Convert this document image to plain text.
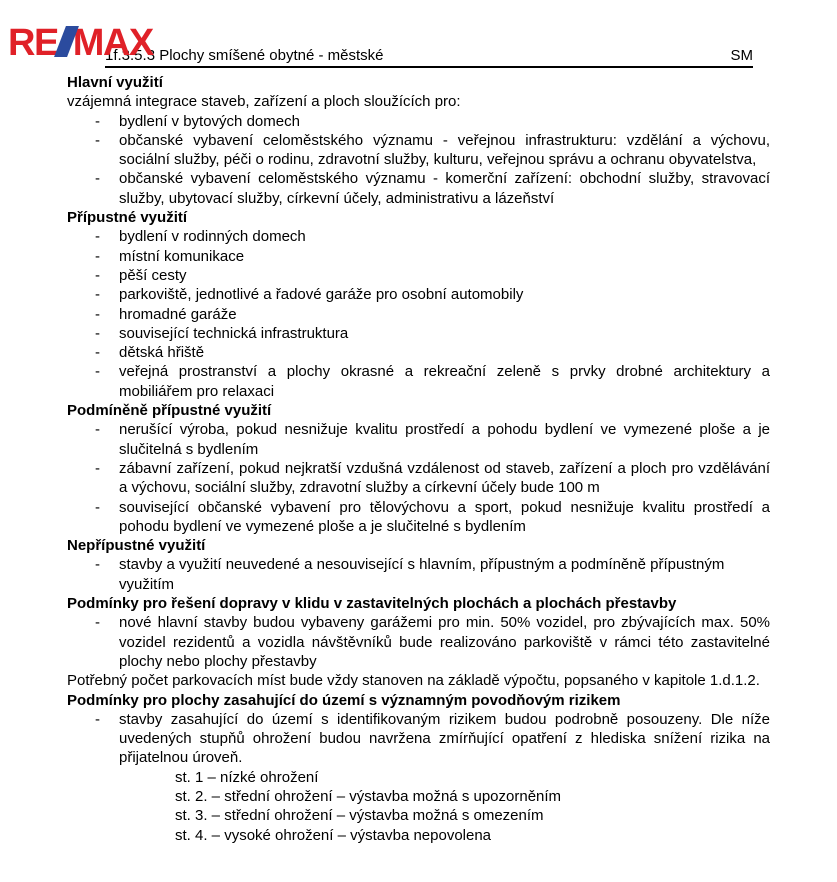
RE MAX
1f.3.5.3 Plochy smíšené obytné - městské	SM
Hlavní využití
vzájemná integrace staveb, zařízení a ploch sloužících pro:
- bydlení v bytových domech
- občanské vybavení celoměstského významu - veřejnou infrastrukturu: vzdělání a výchovu, sociální služby, péči o rodinu, zdravotní služby, kulturu, veřejnou správu a ochranu obyvatelstva,
- občanské vybavení celoměstského významu - komerční zařízení: obchodní služby, stravovací služby, ubytovací služby, církevní účely, administrativu a lázeňství
Přípustné využití
- bydlení v rodinných domech
- místní komunikace
- pěší cesty
- parkoviště, jednotlivé a řadové garáže pro osobní automobily
- hromadné garáže
- související technická infrastruktura
- dětská hřiště
- veřejná prostranství a plochy okrasné a rekreační zeleně s prvky drobné architektury a mobiliářem pro relaxaci
Podmíněně přípustné využití
- nerušící výroba, pokud nesnižuje kvalitu prostředí a pohodu bydlení ve vymezené ploše a je slučitelná s bydlením
- zábavní zařízení, pokud nejkratší vzdušná vzdálenost od staveb, zařízení a ploch pro vzdělávání a výchovu, sociální služby, zdravotní služby a církevní účely bude 100 m
- související občanské vybavení pro tělovýchovu a sport, pokud nesnižuje kvalitu prostředí a pohodu bydlení ve vymezené ploše a je slučitelné s bydlením
Nepřípustné využití
- stavby a využití neuvedené a nesouvisející s hlavním, přípustným a podmíněně přípustným využitím
Podmínky pro řešení dopravy v klidu v zastavitelných plochách a plochách přestavby
- nové hlavní stavby budou vybaveny garážemi pro min. 50% vozidel, pro zbývajících max. 50% vozidel rezidentů a vozidla návštěvníků bude realizováno parkoviště v rámci této zastavitelné plochy nebo plochy přestavby
Potřebný počet parkovacích míst bude vždy stanoven na základě výpočtu, popsaného v kapitole 1.d.1.2.
Podmínky pro plochy zasahující do území s významným povodňovým rizikem
- stavby zasahující do území s identifikovaným rizikem budou podrobně posouzeny. Dle níže uvedených stupňů ohrožení budou navržena zmírňující opatření z hlediska snížení rizika na přijatelnou úroveň.
st. 1 – nízké ohrožení
st. 2. – střední ohrožení – výstavba možná s upozorněním
st. 3. – střední ohrožení – výstavba možná s omezením
st. 4. – vysoké ohrožení – výstavba nepovolena
